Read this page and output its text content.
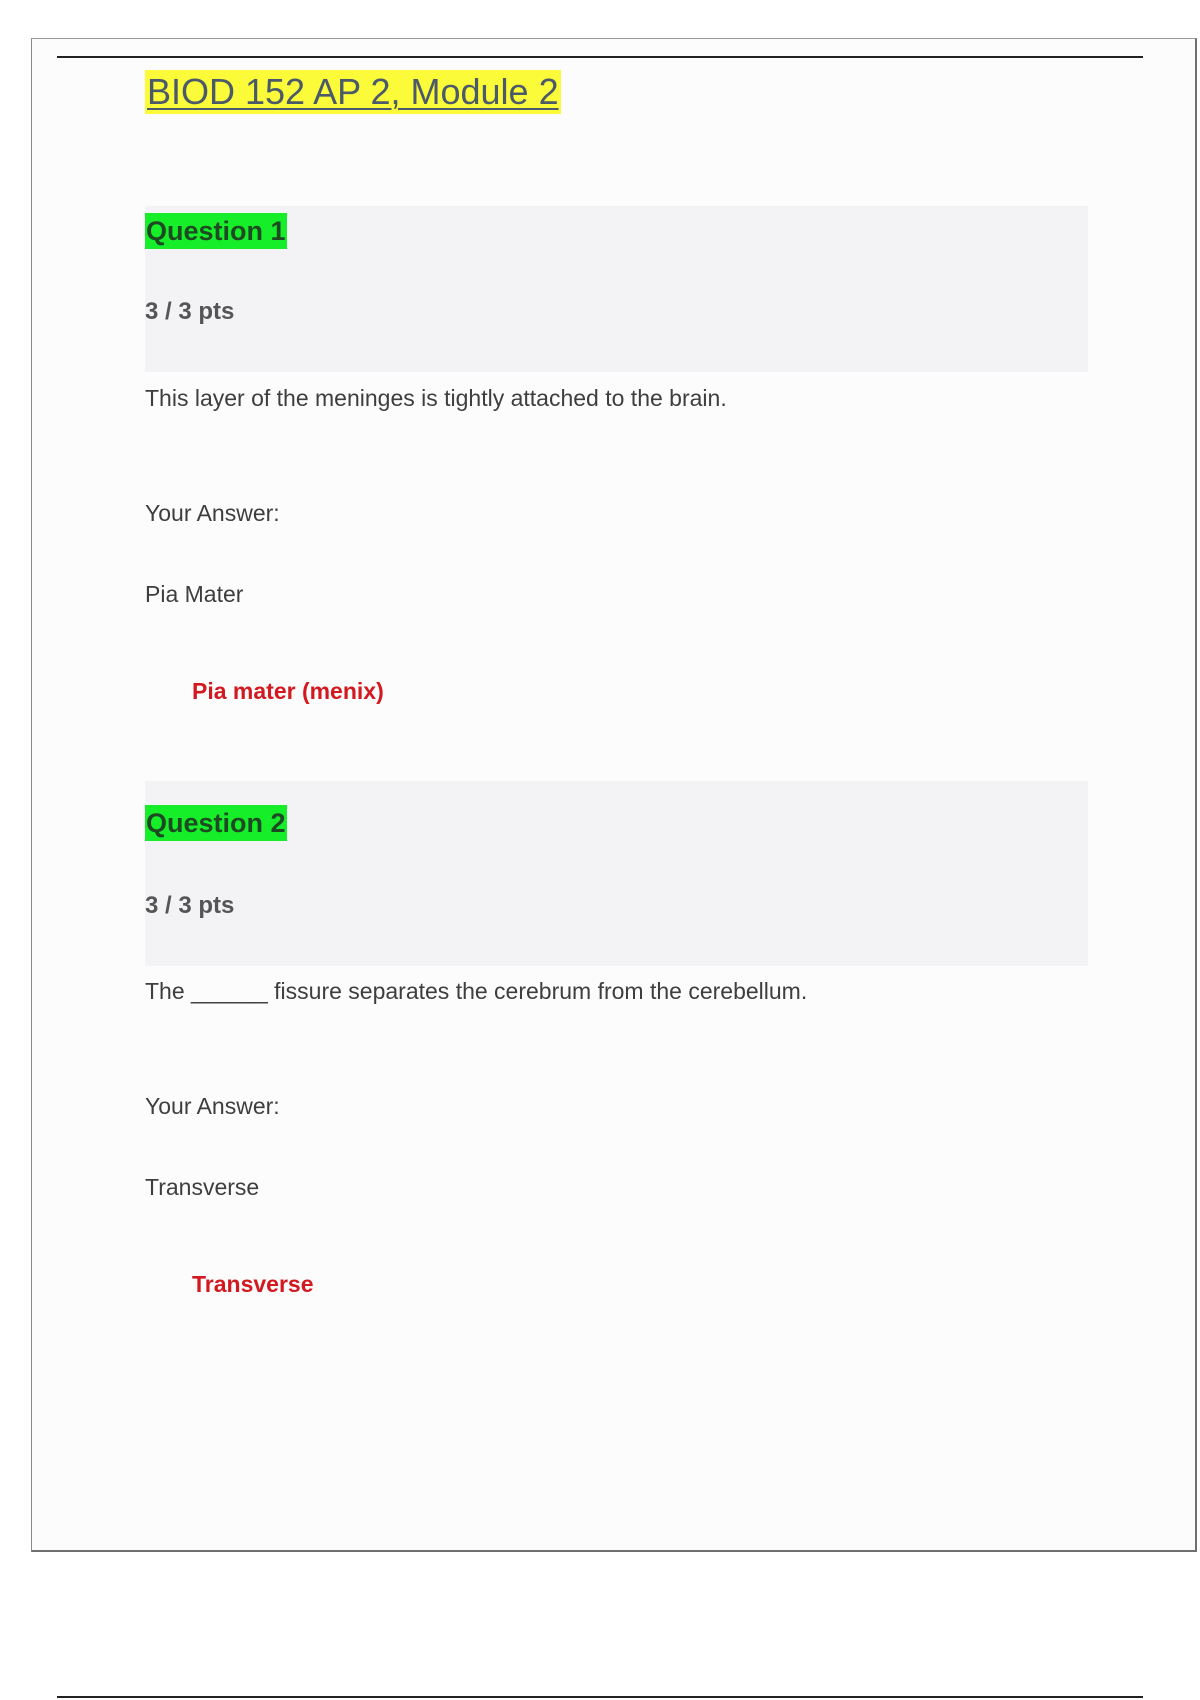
BIOD 152 AP 2, Module 2
Question 1
3 / 3 pts
This layer of the meninges is tightly attached to the brain.
Your Answer:
Pia Mater
Pia mater (menix)
Question 2
3 / 3 pts
The ______ fissure separates the cerebrum from the cerebellum.
Your Answer:
Transverse
Transverse
